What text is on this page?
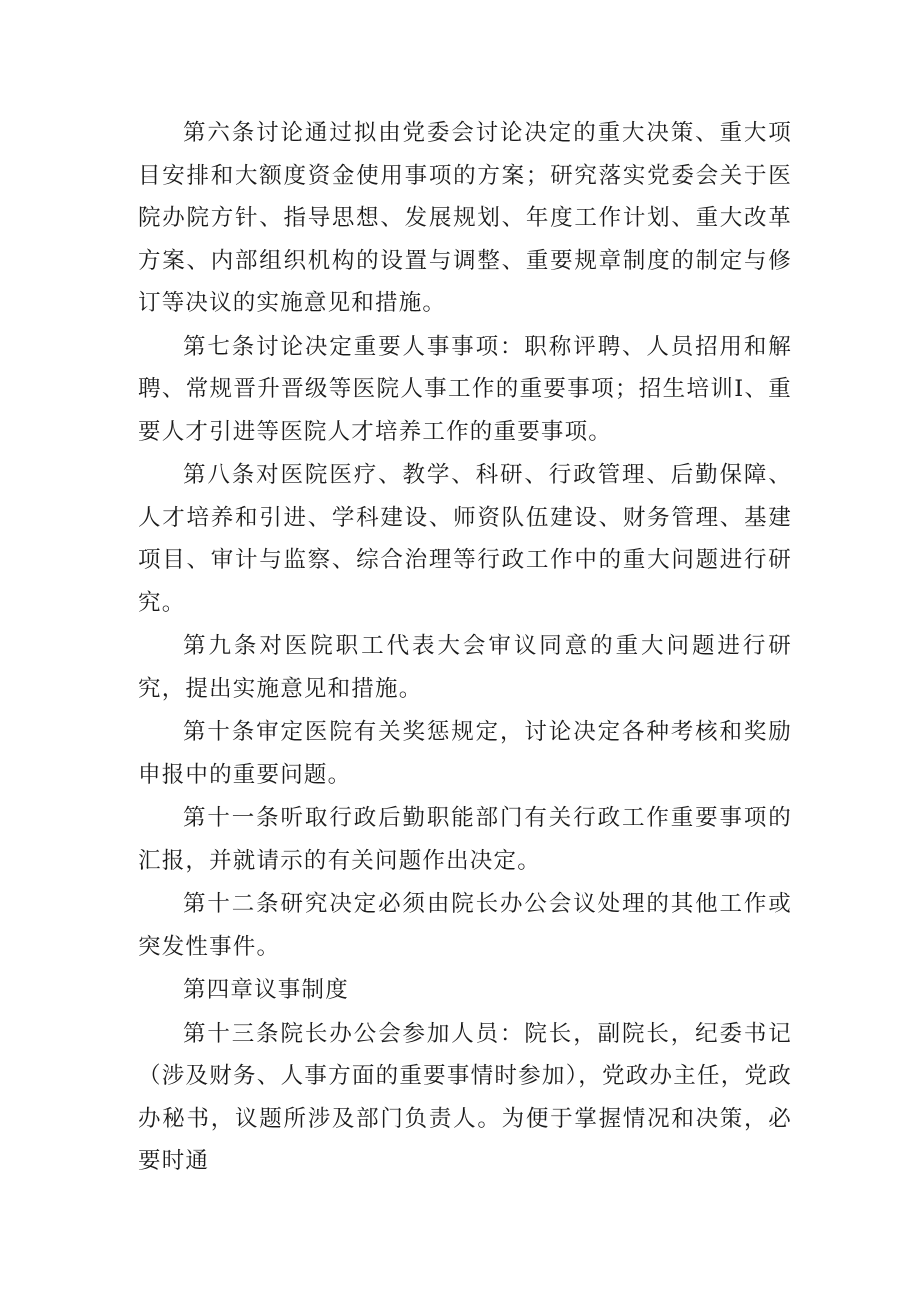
第六条讨论通过拟由党委会讨论决定的重大决策、重大项目安排和大额度资金使用事项的方案；研究落实党委会关于医院办院方针、指导思想、发展规划、年度工作计划、重大改革方案、内部组织机构的设置与调整、重要规章制度的制定与修订等决议的实施意见和措施。

第七条讨论决定重要人事事项：职称评聘、人员招用和解聘、常规晋升晋级等医院人事工作的重要事项；招生培训Ⅰ、重要人才引进等医院人才培养工作的重要事项。

第八条对医院医疗、教学、科研、行政管理、后勤保障、人才培养和引进、学科建设、师资队伍建设、财务管理、基建项目、审计与监察、综合治理等行政工作中的重大问题进行研究。

第九条对医院职工代表大会审议同意的重大问题进行研究，提出实施意见和措施。

第十条审定医院有关奖惩规定，讨论决定各种考核和奖励申报中的重要问题。

第十一条听取行政后勤职能部门有关行政工作重要事项的汇报，并就请示的有关问题作出决定。

第十二条研究决定必须由院长办公会议处理的其他工作或突发性事件。

第四章议事制度

第十三条院长办公会参加人员：院长，副院长，纪委书记（涉及财务、人事方面的重要事情时参加），党政办主任，党政办秘书，议题所涉及部门负责人。为便于掌握情况和决策，必要时通
